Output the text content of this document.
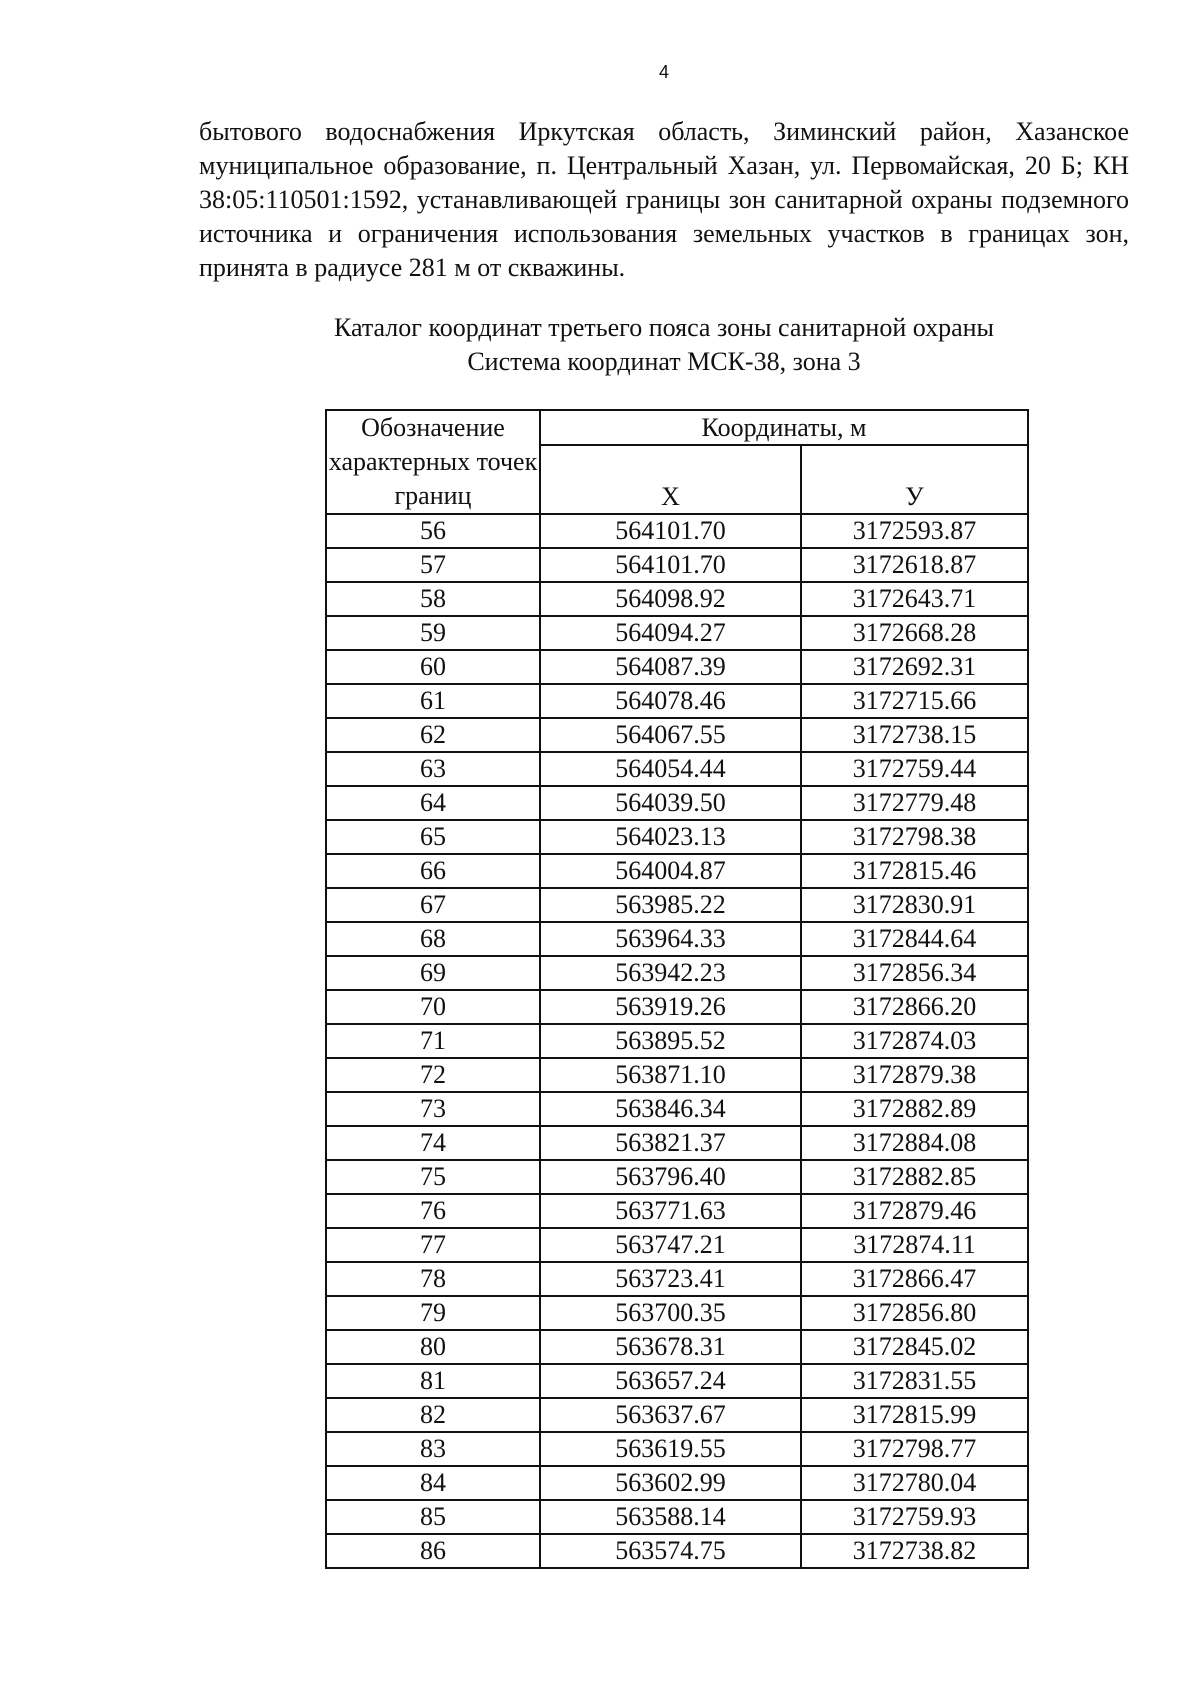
4

бытового водоснабжения Иркутская область, Зиминский район, Хазанское муниципальное образование, п. Центральный Хазан, ул. Первомайская, 20 Б; КН 38:05:110501:1592, устанавливающей границы зон санитарной охраны подземного источника и ограничения использования земельных участков в границах зон, принята в радиусе 281 м от скважины.

Каталог координат третьего пояса зоны санитарной охраны
Система координат МСК-38, зона 3
Обозначение характерных точек границ	Координаты, м	
	X	У
56	564101.70	3172593.87
57	564101.70	3172618.87
58	564098.92	3172643.71
59	564094.27	3172668.28
60	564087.39	3172692.31
61	564078.46	3172715.66
62	564067.55	3172738.15
63	564054.44	3172759.44
64	564039.50	3172779.48
65	564023.13	3172798.38
66	564004.87	3172815.46
67	563985.22	3172830.91
68	563964.33	3172844.64
69	563942.23	3172856.34
70	563919.26	3172866.20
71	563895.52	3172874.03
72	563871.10	3172879.38
73	563846.34	3172882.89
74	563821.37	3172884.08
75	563796.40	3172882.85
76	563771.63	3172879.46
77	563747.21	3172874.11
78	563723.41	3172866.47
79	563700.35	3172856.80
80	563678.31	3172845.02
81	563657.24	3172831.55
82	563637.67	3172815.99
83	563619.55	3172798.77
84	563602.99	3172780.04
85	563588.14	3172759.93
86	563574.75	3172738.82
